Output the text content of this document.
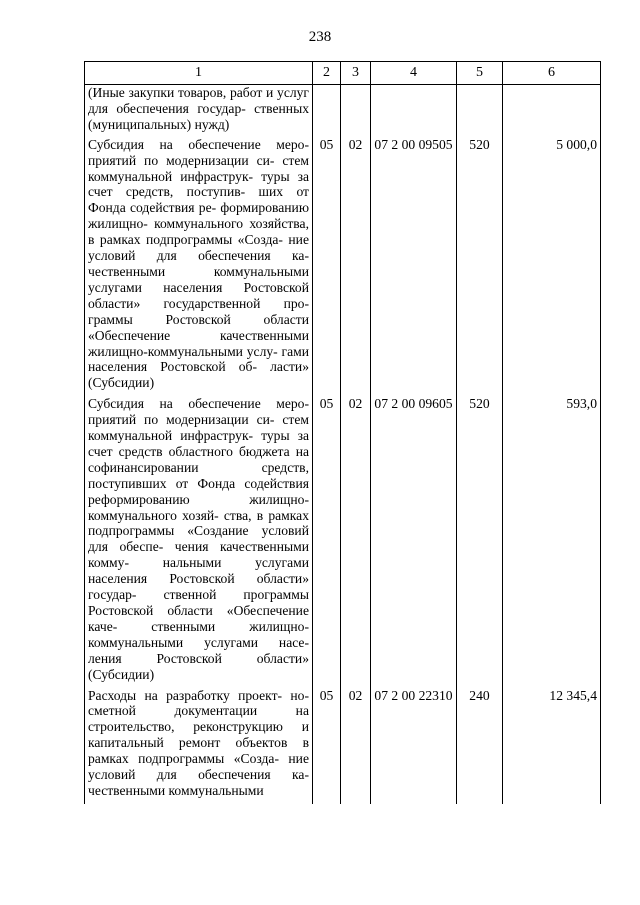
238
1	2	3	4	5	6
(Иные закупки товаров, работ и услуг для обеспечения государ- ственных (муниципальных) нужд)					
Субсидия на обеспечение меро- приятий по модернизации си- стем коммунальной инфраструк- туры за счет средств, поступив- ших от Фонда содействия ре- формированию жилищно- коммунального хозяйства, в рамках подпрограммы «Созда- ние условий для обеспечения ка- чественными коммунальными услугами населения Ростовской области» государственной про- граммы Ростовской области «Обеспечение качественными жилищно-коммунальными услу- гами населения Ростовской об- ласти» (Субсидии)	05	02	07 2 00 09505	520	5 000,0
Субсидия на обеспечение меро- приятий по модернизации си- стем коммунальной инфраструк- туры за счет средств областного бюджета на софинансировании средств, поступивших от Фонда содействия реформированию жилищно-коммунального хозяй- ства, в рамках подпрограммы «Создание условий для обеспе- чения качественными комму- нальными услугами населения Ростовской области» государ- ственной программы Ростовской области «Обеспечение каче- ственными жилищно- коммунальными услугами насе- ления Ростовской области» (Субсидии)	05	02	07 2 00 09605	520	593,0
Расходы на разработку проект- но-сметной документации на строительство, реконструкцию и капитальный ремонт объектов в рамках подпрограммы «Созда- ние условий для обеспечения ка- чественными коммунальными	05	02	07 2 00 22310	240	12 345,4
